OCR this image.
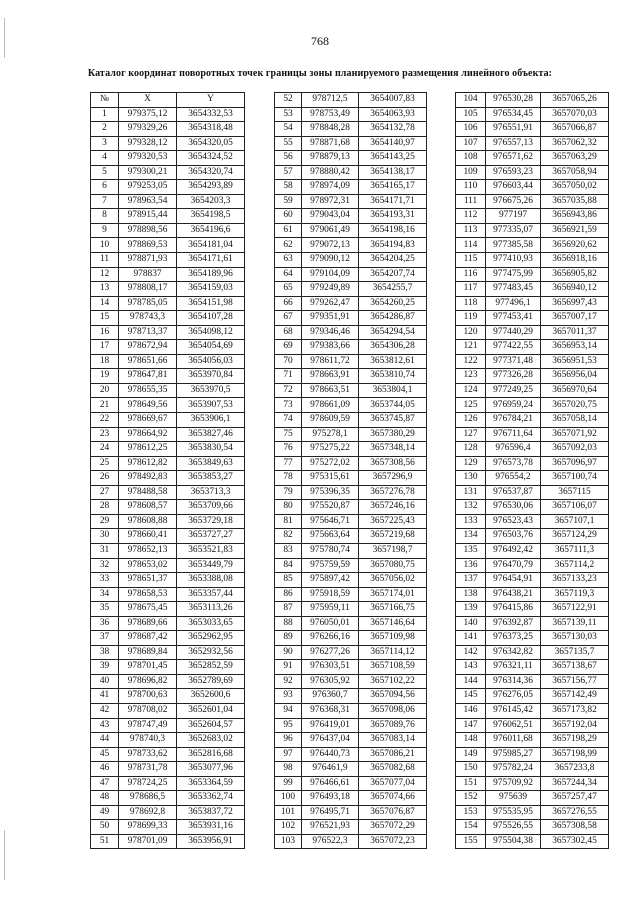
768
Каталог координат поворотных точек границы зоны планируемого размещения линейного объекта:
№	X	Y
1	979375,12	3654332,53
2	979329,26	3654318,48
3	979328,12	3654320,05
4	979320,53	3654324,52
5	979300,21	3654320,74
6	979253,05	3654293,89
7	978963,54	3654203,3
8	978915,44	3654198,5
9	978898,56	3654196,6
10	978869,53	3654181,04
11	978871,93	3654171,61
12	978837	3654189,96
13	978808,17	3654159,03
14	978785,05	3654151,98
15	978743,3	3654107,28
16	978713,37	3654098,12
17	978672,94	3654054,69
18	978651,66	3654056,03
19	978647,81	3653970,84
20	978655,35	3653970,5
21	978649,56	3653907,53
22	978669,67	3653906,1
23	978664,92	3653827,46
24	978612,25	3653830,54
25	978612,82	3653849,63
26	978492,83	3653853,27
27	978488,58	3653713,3
28	978608,57	3653709,66
29	978608,88	3653729,18
30	978660,41	3653727,27
31	978652,13	3653521,83
32	978653,02	3653449,79
33	978651,37	3653388,08
34	978658,53	3653357,44
35	978675,45	3653113,26
36	978689,66	3653033,65
37	978687,42	3652962,95
38	978689,84	3652932,56
39	978701,45	3652852,59
40	978696,82	3652789,69
41	978700,63	3652600,6
42	978708,02	3652601,04
43	978747,49	3652604,57
44	978740,3	3652683,02
45	978733,62	3652816,68
46	978731,78	3653077,96
47	978724,25	3653364,59
48	978686,5	3653362,74
49	978692,8	3653837,72
50	978699,33	3653931,16
51	978701,09	3653956,91
52	978712,5	3654007,83
53	978753,49	3654063,93
54	978848,28	3654132,78
55	978871,68	3654140,97
56	978879,13	3654143,25
57	978880,42	3654138,17
58	978974,09	3654165,17
59	978972,31	3654171,71
60	979043,04	3654193,31
61	979061,49	3654198,16
62	979072,13	3654194,83
63	979090,12	3654204,25
64	979104,09	3654207,74
65	979249,89	3654255,7
66	979262,47	3654260,25
67	979351,91	3654286,87
68	979346,46	3654294,54
69	979383,66	3654306,28
70	978611,72	3653812,61
71	978663,91	3653810,74
72	978663,51	3653804,1
73	978661,09	3653744,05
74	978609,59	3653745,87
75	975278,1	3657380,29
76	975275,22	3657348,14
77	975272,02	3657308,56
78	975315,61	3657296,9
79	975396,35	3657276,78
80	975520,87	3657246,16
81	975646,71	3657225,43
82	975663,64	3657219,68
83	975780,74	3657198,7
84	975759,59	3657080,75
85	975897,42	3657056,02
86	975918,59	3657174,01
87	975959,11	3657166,75
88	976050,01	3657146,64
89	976266,16	3657109,98
90	976277,26	3657114,12
91	976303,51	3657108,59
92	976305,92	3657102,22
93	976360,7	3657094,56
94	976368,31	3657098,06
95	976419,01	3657089,76
96	976437,04	3657083,14
97	976440,73	3657086,21
98	976461,9	3657082,68
99	976466,61	3657077,04
100	976493,18	3657074,66
101	976495,71	3657076,87
102	976521,93	3657072,29
103	976522,3	3657072,23
104	976530,28	3657065,26
105	976534,45	3657070,03
106	976551,91	3657066,87
107	976557,13	3657062,32
108	976571,62	3657063,29
109	976593,23	3657058,94
110	976603,44	3657050,02
111	976675,26	3657035,88
112	977197	3656943,86
113	977335,07	3656921,59
114	977385,58	3656920,62
115	977410,93	3656918,16
116	977475,99	3656905,82
117	977483,45	3656940,12
118	977496,1	3656997,43
119	977453,41	3657007,17
120	977440,29	3657011,37
121	977422,55	3656953,14
122	977371,48	3656951,53
123	977326,28	3656956,04
124	977249,25	3656970,64
125	976959,24	3657020,75
126	976784,21	3657058,14
127	976711,64	3657071,92
128	976596,4	3657092,03
129	976573,78	3657096,97
130	976554,2	3657100,74
131	976537,87	3657115
132	976530,06	3657106,07
133	976523,43	3657107,1
134	976503,76	3657124,29
135	976492,42	3657111,3
136	976470,79	3657114,2
137	976454,91	3657133,23
138	976438,21	3657119,3
139	976415,86	3657122,91
140	976392,87	3657139,11
141	976373,25	3657130,03
142	976342,82	3657135,7
143	976321,11	3657138,67
144	976314,36	3657156,77
145	976276,05	3657142,49
146	976145,42	3657173,82
147	976062,51	3657192,04
148	976011,68	3657198,29
149	975985,27	3657198,99
150	975782,24	3657233,8
151	975709,92	3657244,34
152	975639	3657257,47
153	975535,95	3657276,55
154	975526,55	3657308,58
155	975504,38	3657302,45
